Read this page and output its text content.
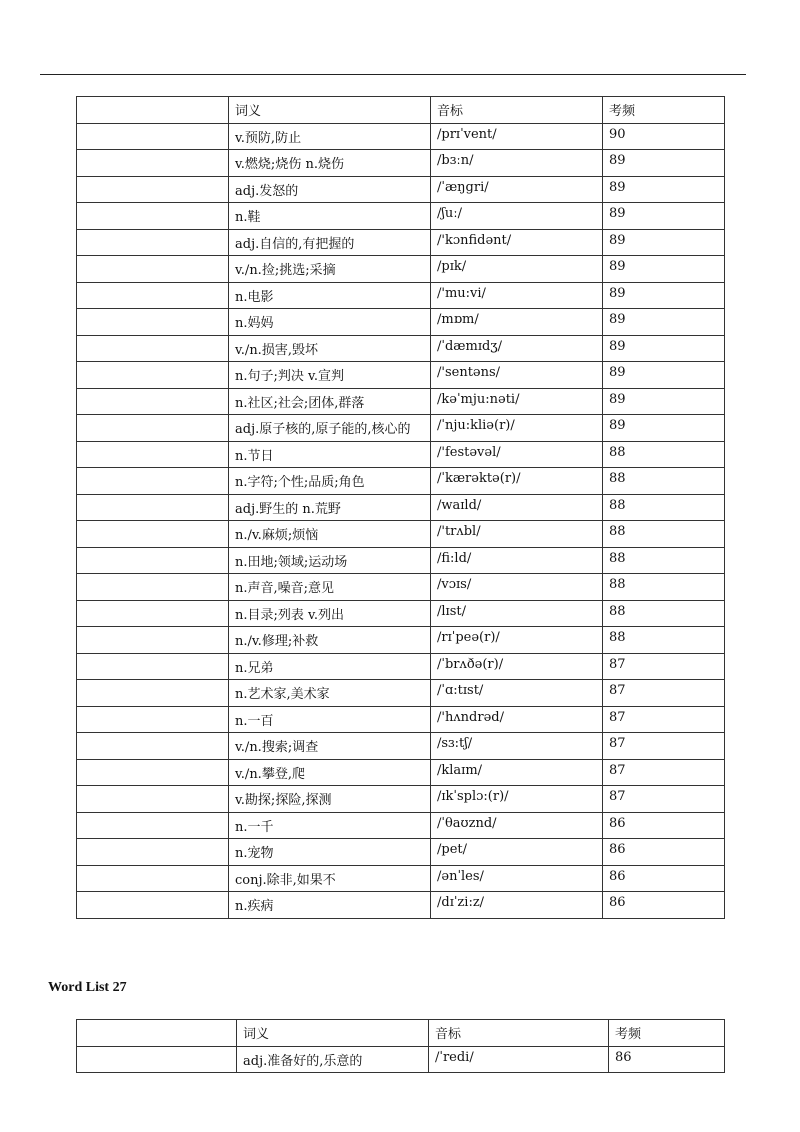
	词义	音标	考频
	v.预防,防止	/prɪˈvent/	90
	v.燃烧;烧伤 n.烧伤	/bɜːn/	89
	adj.发怒的	/ˈæŋgri/	89
	n.鞋	/ʃuː/	89
	adj.自信的,有把握的	/'kɔnfidənt/	89
	v./n.捡;挑选;采摘	/pɪk/	89
	n.电影	/'mu:vi/	89
	n.妈妈	/mɒm/	89
	v./n.损害,毁坏	/ˈdæmɪdʒ/	89
	n.句子;判决 v.宣判	/'sentəns/	89
	n.社区;社会;团体,群落	/kəˈmju:nəti/	89
	adj.原子核的,原子能的,核心的	/ˈnju:kliə(r)/	89
	n.节日	/'festəvəl/	88
	n.字符;个性;品质;角色	/ˈkærəktə(r)/	88
	adj.野生的 n.荒野	/waɪld/	88
	n./v.麻烦;烦恼	/'trʌbl/	88
	n.田地;领域;运动场	/fi:ld/	88
	n.声音,噪音;意见	/vɔɪs/	88
	n.目录;列表 v.列出	/lɪst/	88
	n./v.修理;补救	/rɪˈpeə(r)/	88
	n.兄弟	/ˈbrʌðə(r)/	87
	n.艺术家,美术家	/ˈɑ:tɪst/	87
	n.一百	/'hʌndrəd/	87
	v./n.搜索;调查	/sɜ:tʃ/	87
	v./n.攀登,爬	/klaɪm/	87
	v.勘探;探险,探测	/ɪkˈsplɔ:(r)/	87
	n.一千	/ˈθaʊznd/	86
	n.宠物	/pet/	86
	conj.除非,如果不	/ənˈles/	86
	n.疾病	/dɪˈzi:z/	86
Word List 27
	词义	音标	考频
	adj.准备好的,乐意的	/ˈredi/	86
